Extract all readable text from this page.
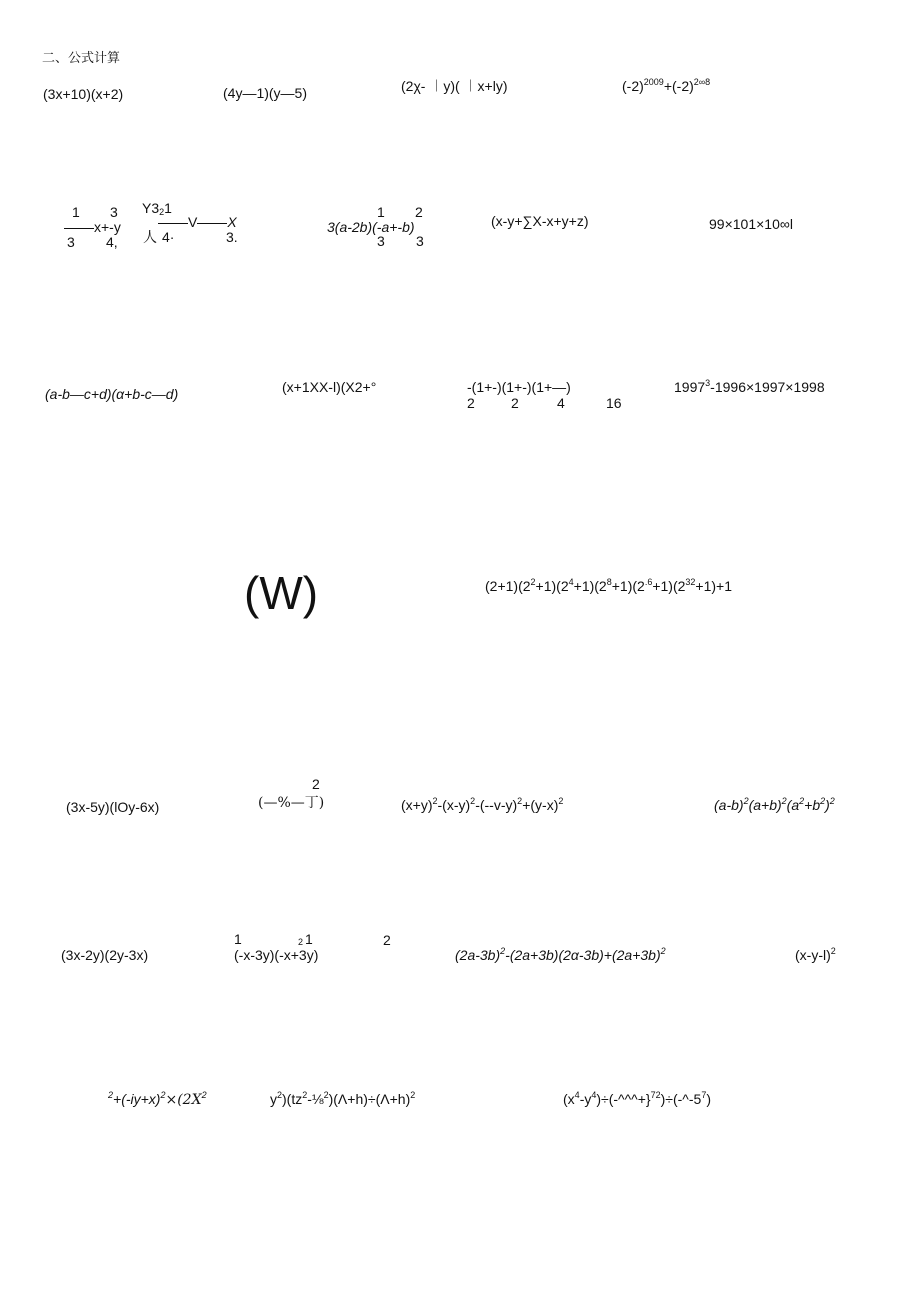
二、公式计算
(3x+10)(x+2)	(4y—1)(y—5)	(2χ- ︱y)( ︱x+ly)	$(-2)^{2009}+(-2)^{2\infty 8}$
1 3
x+-y
3 4,
$Y3_21$
V X
人 4·	3.
1 2
3(a-2b)(-a+-b)
3 3
(x-y+∑X-x+y+z)	99×101×10∞l
(a-b—c+d)(α+b-c—d)	(x+1XX-l)(X2+°	-(1+-)(1+-)(1+—)
2	2	4	16
$1997^3-1996\times 1997\times 1998$
(W)	$(2+1)(2^2+1)(2^4+1)(2^8+1)(2^{.6}+1)(2^{32}+1)+1$
(3x-5y)(lOy-6x)
2
(—%—丁)	$(x+y)^2-(x-y)^2-(--v-y)^2+(y-x)^2$	$(a-b)^2(a+b)^2(a^2+b^2)^2$
(3x-2y)(2y-3x)
1	2 1	2
(-x-3y)(-x+3y)	$(2a-3b)^2-(2a+3b)(2\alpha-3b)+(2a+3b)^2$	$(x-y-l)^2$
$^2+(-iy+x)^2\times(2X^2$	$y^2)(tz^2-\frac{1}{8}^2)(\Lambda+h)\div(\Lambda+h)^2$	$(x^4-y^4)\div(-\^{}\^{}\^{}+\}^{72})\div(-\^{}-5^7)$
